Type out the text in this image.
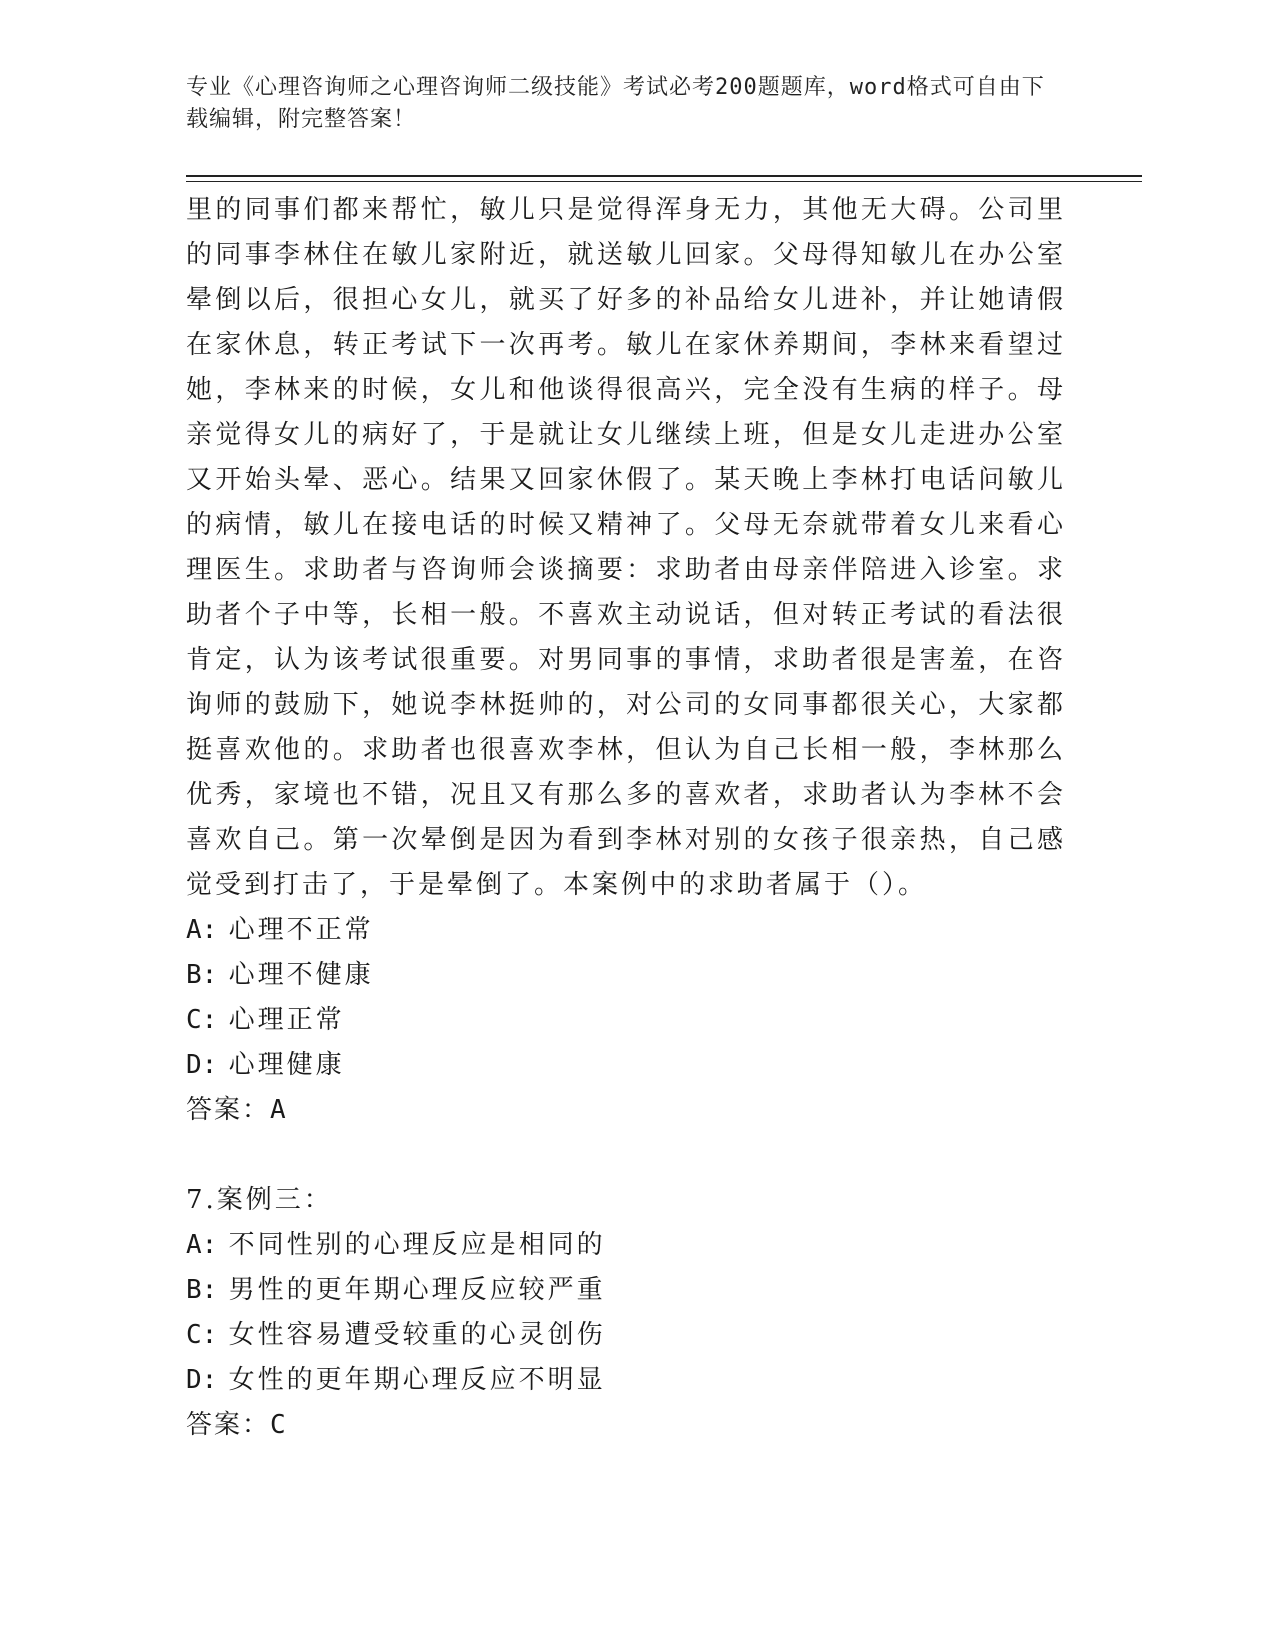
专业《心理咨询师之心理咨询师二级技能》考试必考200题题库，word格式可自由下载编辑，附完整答案！

里的同事们都来帮忙，敏儿只是觉得浑身无力，其他无大碍。公司里的同事李林住在敏儿家附近，就送敏儿回家。父母得知敏儿在办公室晕倒以后，很担心女儿，就买了好多的补品给女儿进补，并让她请假在家休息，转正考试下一次再考。敏儿在家休养期间，李林来看望过她，李林来的时候，女儿和他谈得很高兴，完全没有生病的样子。母亲觉得女儿的病好了，于是就让女儿继续上班，但是女儿走进办公室又开始头晕、恶心。结果又回家休假了。某天晚上李林打电话问敏儿的病情，敏儿在接电话的时候又精神了。父母无奈就带着女儿来看心理医生。求助者与咨询师会谈摘要：求助者由母亲伴陪进入诊室。求助者个子中等，长相一般。不喜欢主动说话，但对转正考试的看法很肯定，认为该考试很重要。对男同事的事情，求助者很是害羞，在咨询师的鼓励下，她说李林挺帅的，对公司的女同事都很关心，大家都挺喜欢他的。求助者也很喜欢李林，但认为自己长相一般，李林那么优秀，家境也不错，况且又有那么多的喜欢者，求助者认为李林不会喜欢自己。第一次晕倒是因为看到李林对别的女孩子很亲热，自己感觉受到打击了，于是晕倒了。本案例中的求助者属于（）。

A: 心理不正常

B: 心理不健康

C: 心理正常

D: 心理健康

答案：A

7.案例三：

A: 不同性别的心理反应是相同的

B: 男性的更年期心理反应较严重

C: 女性容易遭受较重的心灵创伤

D: 女性的更年期心理反应不明显

答案：C
